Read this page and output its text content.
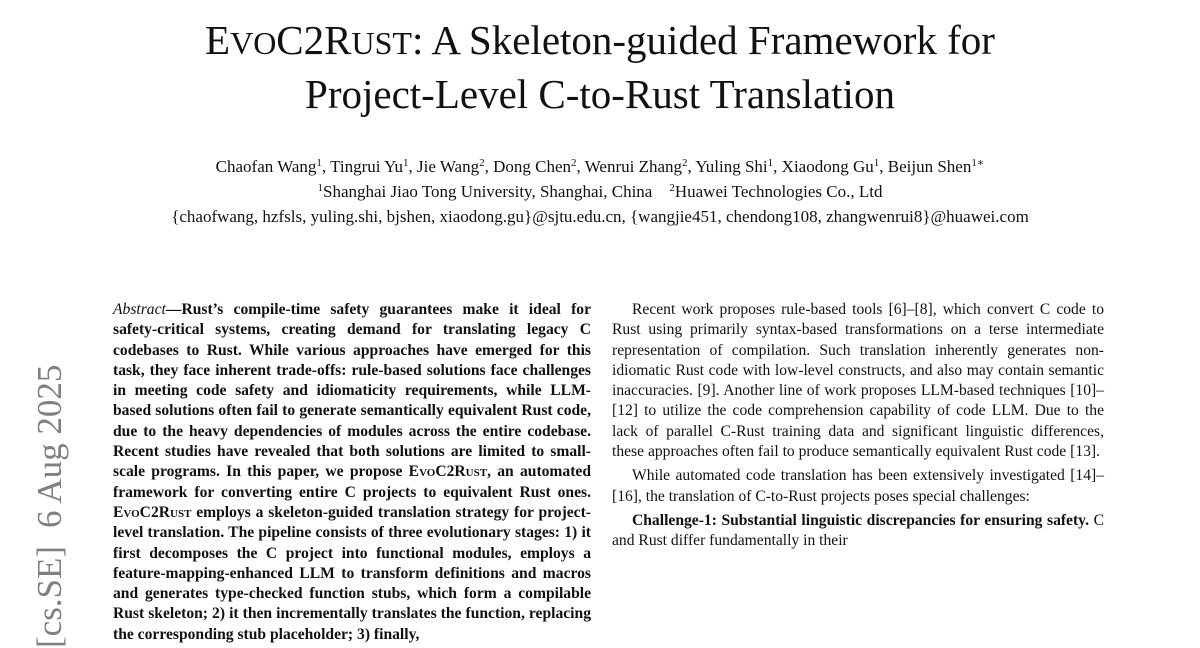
EVOC2RUST: A Skeleton-guided Framework for
Project-Level C-to-Rust Translation
Chaofan Wang$^1$, Tingrui Yu$^1$, Jie Wang$^2$, Dong Chen$^2$, Wenrui Zhang$^2$, Yuling Shi$^1$, Xiaodong Gu$^1$, Beijun Shen$^{1∗}$
$^1$Shanghai Jiao Tong University, Shanghai, China $^2$Huawei Technologies Co., Ltd
{chaofwang, hzfsls, yuling.shi, bjshen, xiaodong.gu}@sjtu.edu.cn, {wangjie451, chendong108, zhangwenrui8}@huawei.com
[cs.SE]6 Aug 2025

Abstract—Rust’s compile-time safety guarantees make it ideal for safety-critical systems, creating demand for translating legacy C codebases to Rust. While various approaches have emerged for this task, they face inherent trade-offs: rule-based solutions face challenges in meeting code safety and idiomaticity requirements, while LLM-based solutions often fail to generate semantically equivalent Rust code, due to the heavy dependencies of modules across the entire codebase. Recent studies have revealed that both solutions are limited to small-scale programs. In this paper, we propose EvoC2Rust, an automated framework for converting entire C projects to equivalent Rust ones. EvoC2Rust employs a skeleton-guided translation strategy for project-level translation. The pipeline consists of three evolutionary stages: 1) it first decomposes the C project into functional modules, employs a feature-mapping-enhanced LLM to transform definitions and macros and generates type-checked function stubs, which form a compilable Rust skeleton; 2) it then incrementally translates the function, replacing the corresponding stub placeholder; 3) finally,

Recent work proposes rule-based tools [6]–[8], which convert C code to Rust using primarily syntax-based transformations on a terse intermediate representation of compilation. Such translation inherently generates non-idiomatic Rust code with low-level constructs, and also may contain semantic inaccuracies. [9]. Another line of work proposes LLM-based techniques [10]–[12] to utilize the code comprehension capability of code LLM. Due to the lack of parallel C-Rust training data and significant linguistic differences, these approaches often fail to produce semantically equivalent Rust code [13].

While automated code translation has been extensively investigated [14]–[16], the translation of C-to-Rust projects poses special challenges:

Challenge-1: Substantial linguistic discrepancies for ensuring safety. C and Rust differ fundamentally in their
